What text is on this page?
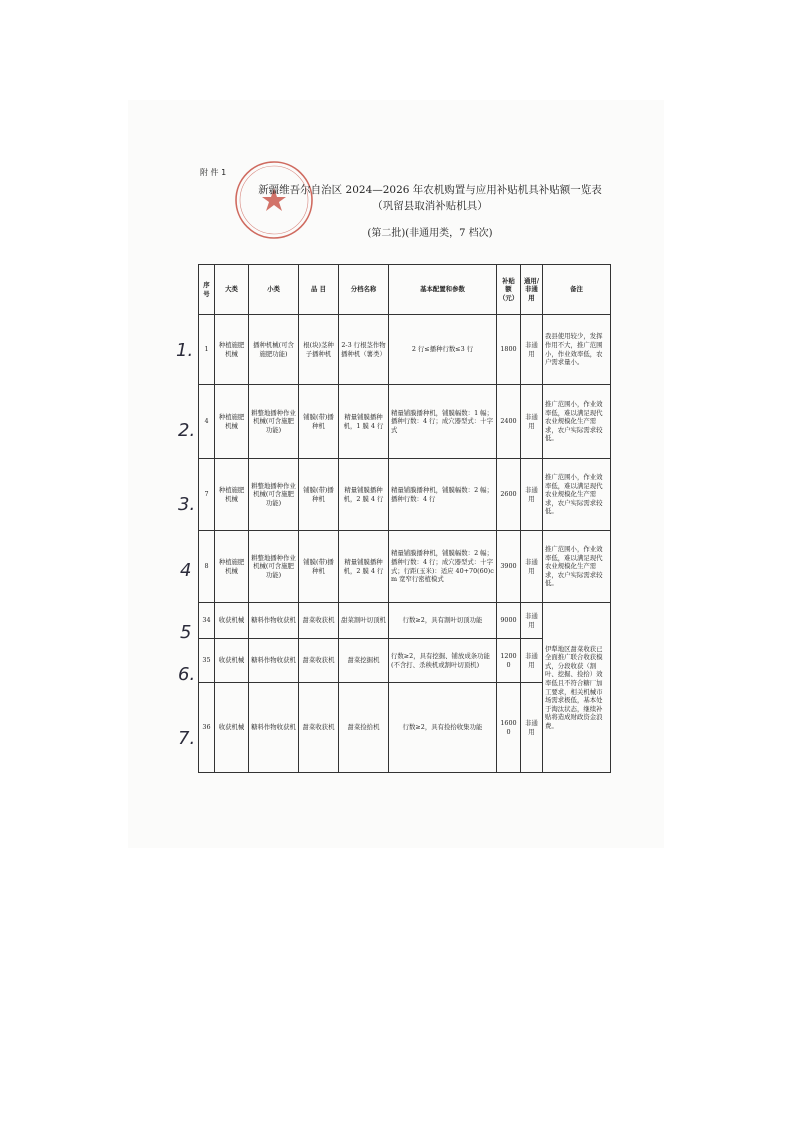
附 件 1
新疆维吾尔自治区 2024—2026 年农机购置与应用补贴机具补贴额一览表
（巩留县取消补贴机具）
(第二批)(非通用类，7 档次)
序号	大类	小类	品 目	分档名称	基本配置和参数	补贴额（元）	通用/非通用	备注
1	种植施肥机械	播种机械(可含施肥功能)	根(块)茎种子播种机	2-3 行根茎作物播种机（薯类）	2 行≤播种行数≤3 行	1800	非通用	我县使用较少，发挥作用不大，推广范围小，作业效率低，农户需求量小。
4	种植施肥机械	耕整地播种作业机械(可含施肥功能)	铺膜(带)播种机	精量铺膜播种机，1 膜 4 行	精量铺膜播种机，铺膜幅数：1 幅；播种行数：4 行；成穴器型式：十字式	2400	非通用	推广范围小，作业效率低，难以满足现代农业规模化生产需求，农户实际需求较低。
7	种植施肥机械	耕整地播种作业机械(可含施肥功能)	铺膜(带)播种机	精量铺膜播种机，2 膜 4 行	精量铺膜播种机，铺膜幅数：2 幅；播种行数：4 行	2600	非通用	推广范围小，作业效率低，难以满足现代农业规模化生产需求，农户实际需求较低。
8	种植施肥机械	耕整地播种作业机械(可含施肥功能)	铺膜(带)播种机	精量铺膜播种机，2 膜 4 行	精量铺膜播种机，铺膜幅数：2 幅；播种行数：4 行；成穴器型式：十字式；行距(玉米)：适应 40+70(60)cm 宽窄行密植模式	3900	非通用	推广范围小，作业效率低，难以满足现代农业规模化生产需求，农户实际需求较低。
34	收获机械	糖料作物收获机	甜菜收获机	甜菜割叶切顶机	行数≥2，具有割叶切顶功能	9000	非通用	伊犁地区甜菜收获已全面推广联合收获模式，分段收获（割叶、挖掘、捡拾）效率低且不符合糖厂加工要求，相关机械市场需求极低，基本处于淘汰状态，继续补贴将造成财政资金浪费。
35	收获机械	糖料作物收获机	甜菜收获机	甜菜挖掘机	行数≥2，具有挖掘、铺放成条功能(不含打、杀秧机或割叶切顶机)	12000	非通用	
36	收获机械	糖料作物收获机	甜菜收获机	甜菜捡拾机	行数≥2，具有捡拾收集功能	16000	非通用	
1.
2.
3.
4
5
6.
7.
